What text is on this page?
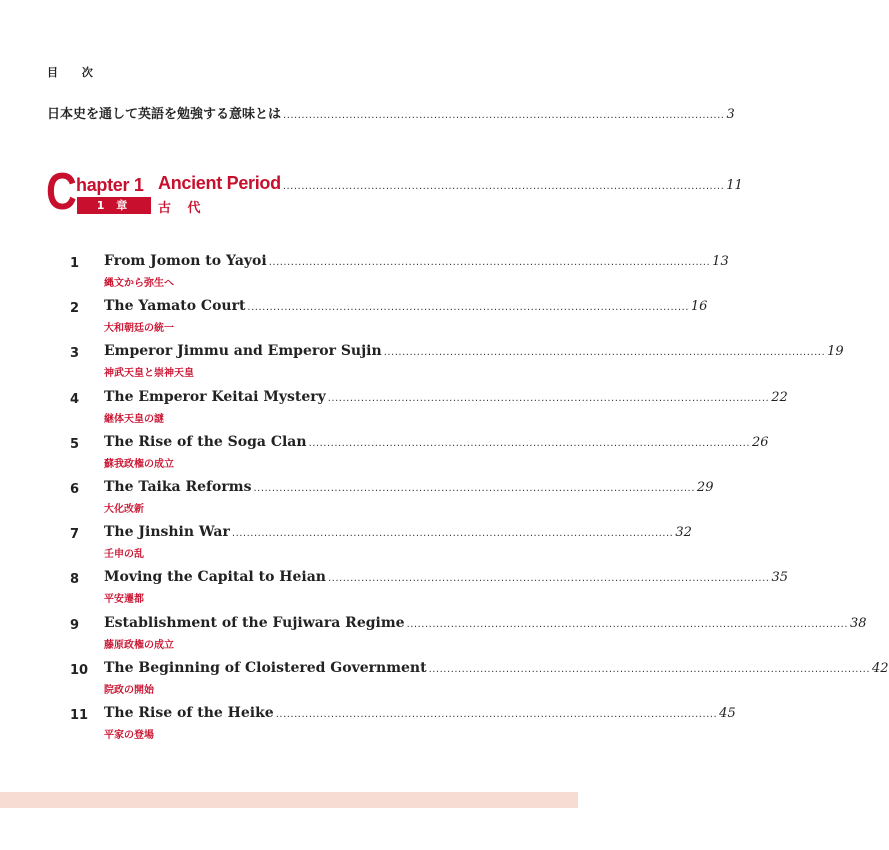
目 次
日本史を通して英語を勉強する意味とは ........................................................................................................................ 3
C hapter 1
1 章
Ancient Period ........................................................................................................................ 11
古 代
1 From Jomon to Yayoi ........................................................................................................................ 13
縄文から弥生へ
2 The Yamato Court ........................................................................................................................ 16
大和朝廷の統一
3 Emperor Jimmu and Emperor Sujin ........................................................................................................................ 19
神武天皇と崇神天皇
4 The Emperor Keitai Mystery ........................................................................................................................ 22
継体天皇の謎
5 The Rise of the Soga Clan ........................................................................................................................ 26
蘇我政権の成立
6 The Taika Reforms ........................................................................................................................ 29
大化改新
7 The Jinshin War ........................................................................................................................ 32
壬申の乱
8 Moving the Capital to Heian ........................................................................................................................ 35
平安遷都
9 Establishment of the Fujiwara Regime ........................................................................................................................ 38
藤原政権の成立
10 The Beginning of Cloistered Government ........................................................................................................................ 42
院政の開始
11 The Rise of the Heike ........................................................................................................................ 45
平家の登場
